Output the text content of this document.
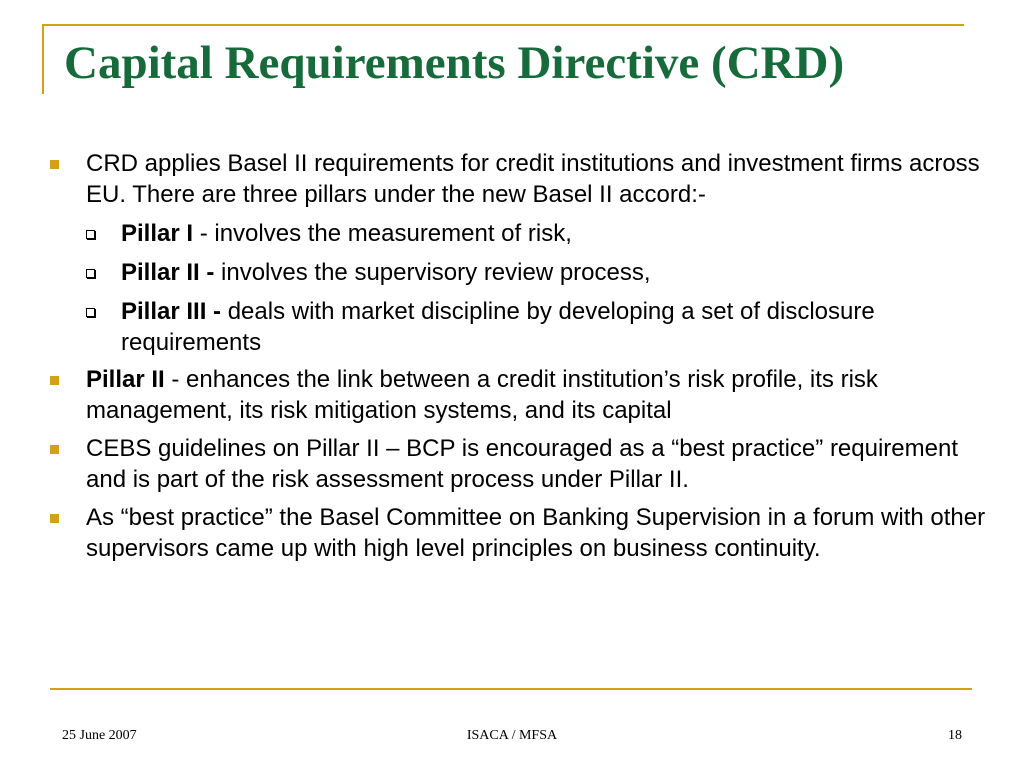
Capital Requirements Directive (CRD)
CRD applies Basel II requirements for credit institutions and investment firms across EU. There are three pillars under the new Basel II accord:-
Pillar I - involves the measurement of risk,
Pillar II - involves the supervisory review process,
Pillar III - deals with market discipline by developing a set of disclosure requirements
Pillar II - enhances the link between a credit institution’s risk profile, its risk management, its risk mitigation systems, and its capital
CEBS guidelines on Pillar II – BCP is encouraged as a “best practice” requirement and is part of the risk assessment process under Pillar II.
As “best practice” the Basel Committee on Banking Supervision in a forum with other supervisors came up with high level principles on business continuity.
25 June 2007	ISACA / MFSA	18
